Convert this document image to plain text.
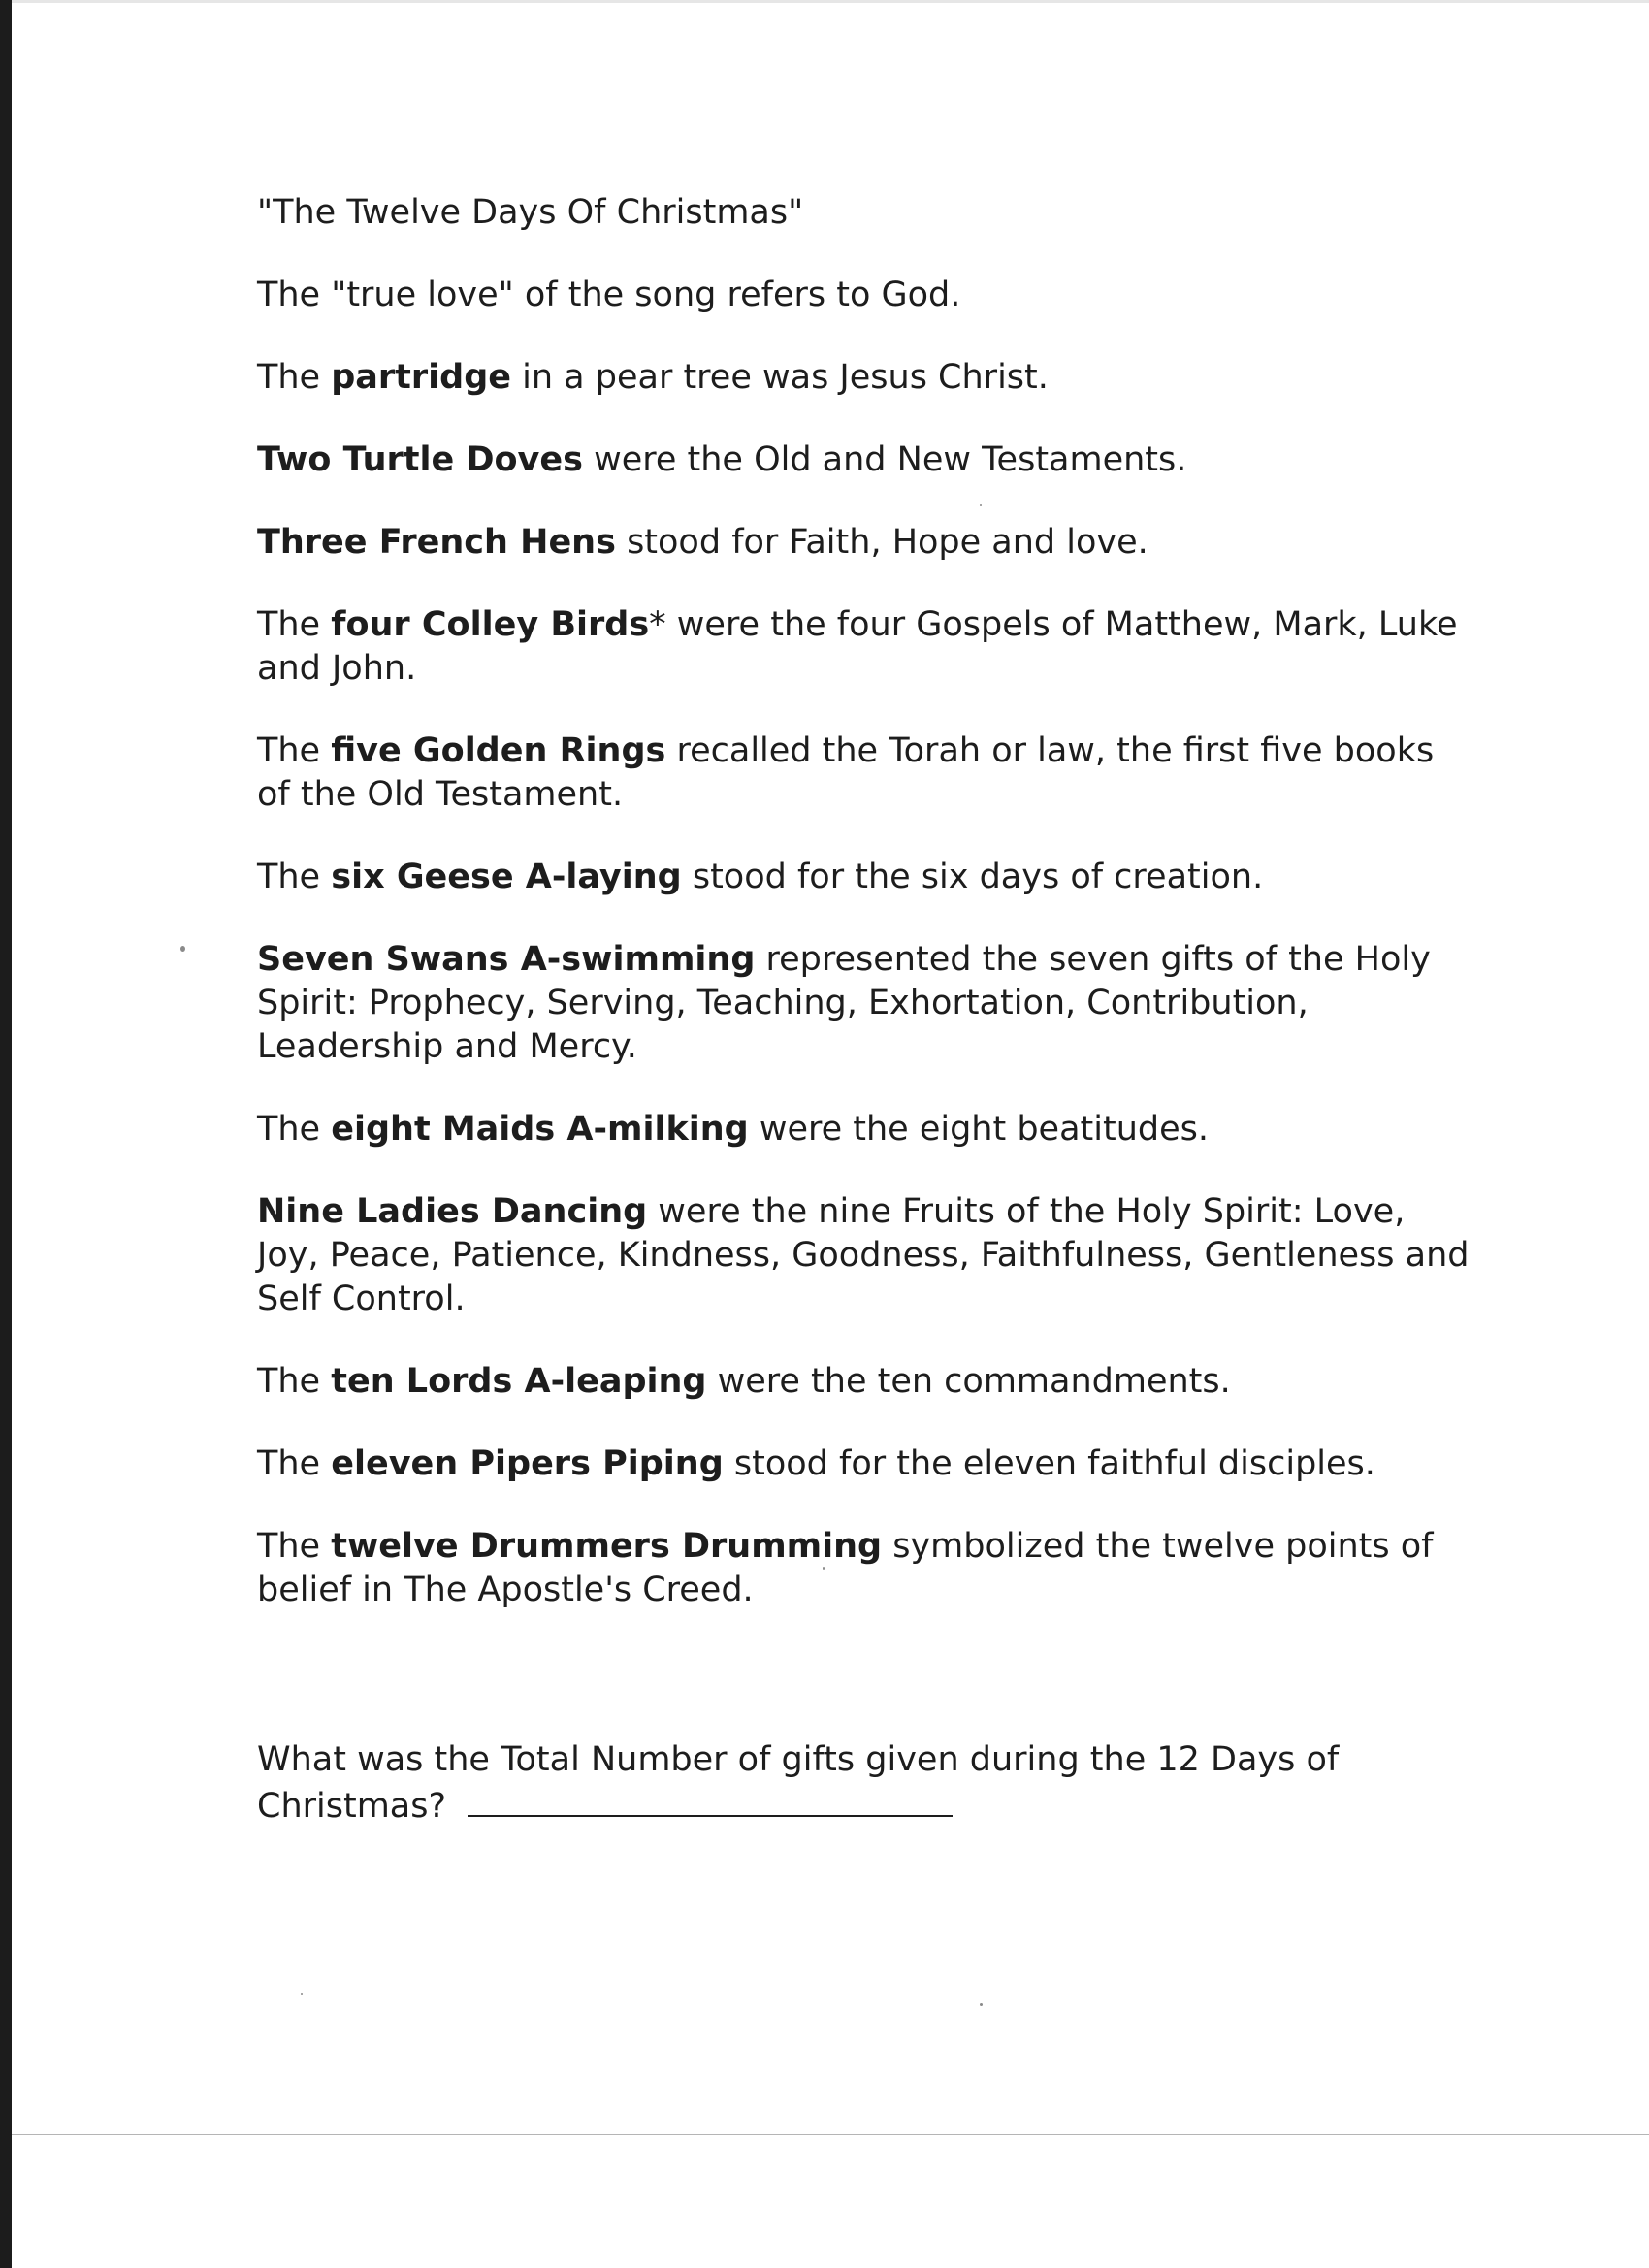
"The Twelve Days Of Christmas"

The "true love" of the song refers to God.

The partridge in a pear tree was Jesus Christ.

Two Turtle Doves were the Old and New Testaments.

Three French Hens stood for Faith, Hope and love.

The four Colley Birds* were the four Gospels of Matthew, Mark, Luke and John.

The five Golden Rings recalled the Torah or law, the first five books of the Old Testament.

The six Geese A-laying stood for the six days of creation.

Seven Swans A-swimming represented the seven gifts of the Holy Spirit: Prophecy, Serving, Teaching, Exhortation, Contribution, Leadership and Mercy.

The eight Maids A-milking were the eight beatitudes.

Nine Ladies Dancing were the nine Fruits of the Holy Spirit: Love, Joy, Peace, Patience, Kindness, Goodness, Faithfulness, Gentleness and Self Control.

The ten Lords A-leaping were the ten commandments.

The eleven Pipers Piping stood for the eleven faithful disciples.

The twelve Drummers Drumming symbolized the twelve points of belief in The Apostle's Creed.

What was the Total Number of gifts given during the 12 Days of Christmas?
